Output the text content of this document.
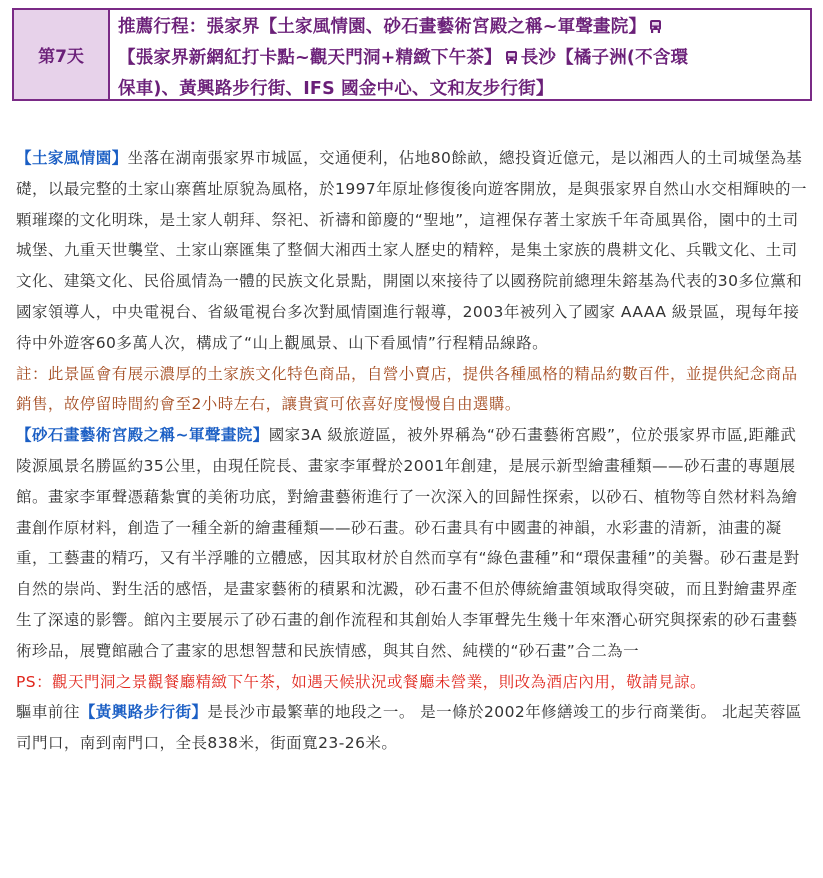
第7天
推薦行程：張家界【土家風情園、砂石畫藝術宮殿之稱~軍聲畫院】
【張家界新網紅打卡點~觀天門洞+精緻下午茶】 長沙【橘子洲(不含環
保車)、黃興路步行街、IFS 國金中心、文和友步行街】

【土家風情園】坐落在湖南張家界市城區，交通便利，佔地80餘畝，總投資近億元，是以湘西人的土司城堡為基礎，以最完整的土家山寨舊址原貌為風格，於1997年原址修復後向遊客開放，是與張家界自然山水交相輝映的一顆璀璨的文化明珠，是土家人朝拜、祭祀、祈禱和節慶的“聖地”，這裡保存著土家族千年奇風異俗，園中的土司城堡、九重天世襲堂、土家山寨匯集了整個大湘西土家人歷史的精粹，是集土家族的農耕文化、兵戰文化、土司文化、建築文化、民俗風情為一體的民族文化景點，開園以來接待了以國務院前總理朱鎔基為代表的30多位黨和國家領導人，中央電視台、省級電視台多次對風情園進行報導，2003年被列入了國家 AAAA 級景區，現每年接待中外遊客60多萬人次，構成了“山上觀風景、山下看風情”行程精品線路。

註：此景區會有展示濃厚的土家族文化特色商品，自營小賣店，提供各種風格的精品約數百件，並提供紀念商品銷售，故停留時間約會至2小時左右，讓貴賓可依喜好度慢慢自由選購。

【砂石畫藝術宮殿之稱~軍聲畫院】國家3A 級旅遊區，被外界稱為“砂石畫藝術宮殿”，位於張家界市區,距離武陵源風景名勝區約35公里，由現任院長、畫家李軍聲於2001年創建，是展示新型繪畫種類——砂石畫的專題展館。畫家李軍聲憑藉紮實的美術功底，對繪畫藝術進行了一次深入的回歸性探索，以砂石、植物等自然材料為繪畫創作原材料，創造了一種全新的繪畫種類——砂石畫。砂石畫具有中國畫的神韻，水彩畫的清新，油畫的凝重，工藝畫的精巧，又有半浮雕的立體感，因其取材於自然而享有“綠色畫種”和“環保畫種”的美譽。砂石畫是對自然的崇尚、對生活的感悟，是畫家藝術的積累和沈澱，砂石畫不但於傳統繪畫領域取得突破，而且對繪畫界產生了深遠的影響。館內主要展示了砂石畫的創作流程和其創始人李軍聲先生幾十年來潛心研究與探索的砂石畫藝術珍品，展覽館融合了畫家的思想智慧和民族情感，與其自然、純樸的“砂石畫”合二為一

PS：觀天門洞之景觀餐廳精緻下午茶，如遇天候狀況或餐廳未營業，則改為酒店內用，敬請見諒。

驅車前往【黃興路步行街】是長沙市最繁華的地段之一。 是一條於2002年修繕竣工的步行商業街。 北起芙蓉區司門口，南到南門口，全長838米，街面寬23-26米。
